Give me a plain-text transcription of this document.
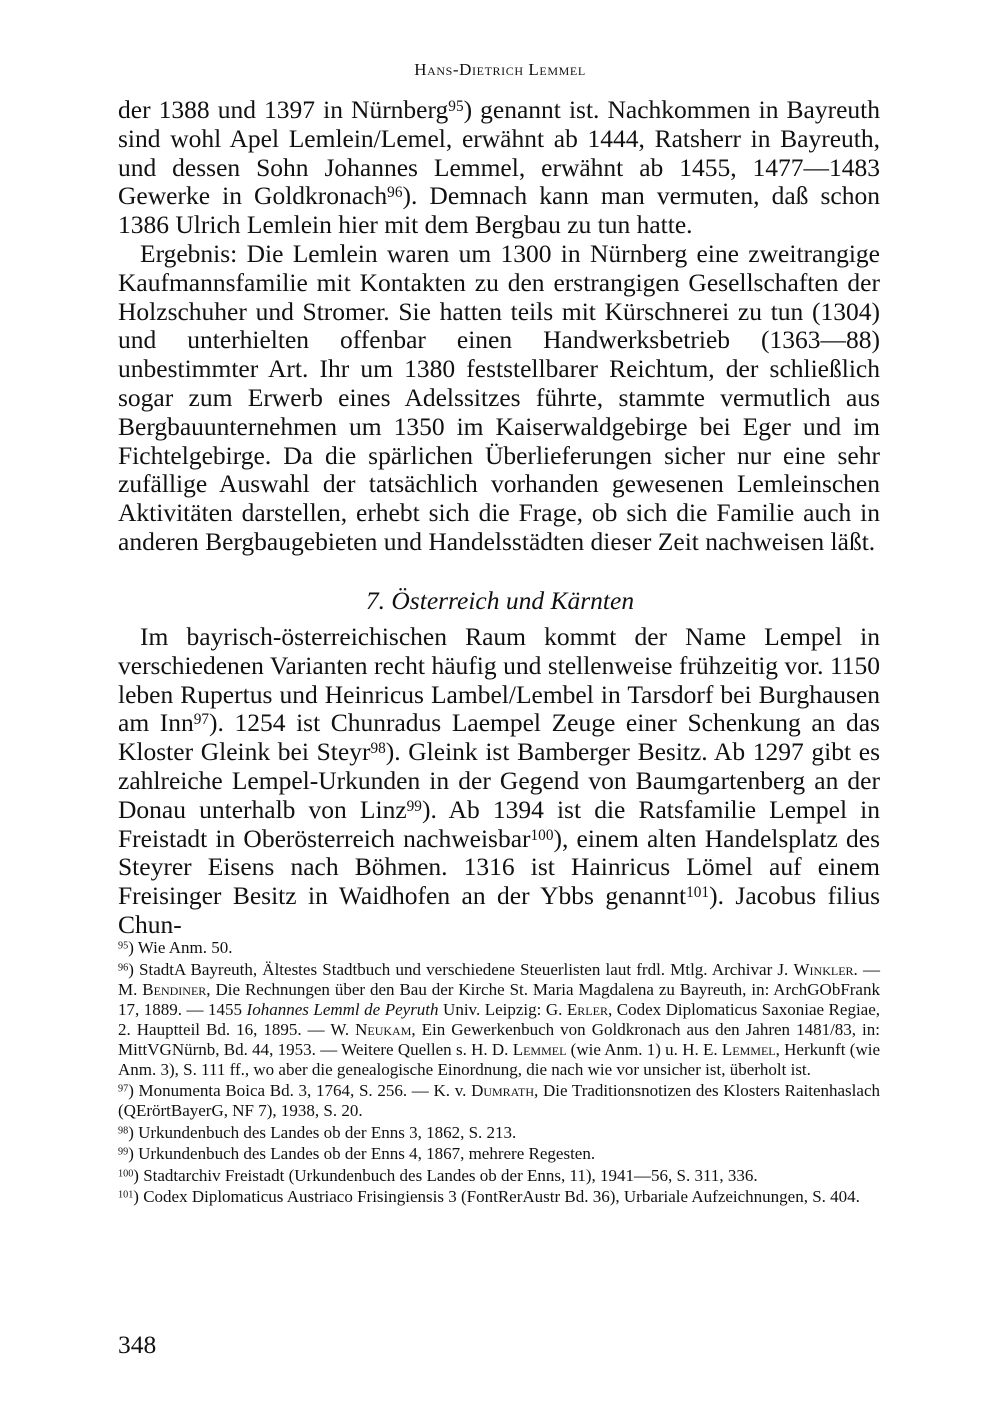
Hans-Dietrich Lemmel

der 1388 und 1397 in Nürnberg$^{95}$) genannt ist. Nachkommen in Bayreuth sind wohl Apel Lemlein/Lemel, erwähnt ab 1444, Ratsherr in Bayreuth, und dessen Sohn Johannes Lemmel, erwähnt ab 1455, 1477—1483 Gewerke in Goldkronach$^{96}$). Demnach kann man vermuten, daß schon 1386 Ulrich Lemlein hier mit dem Bergbau zu tun hatte.

Ergebnis: Die Lemlein waren um 1300 in Nürnberg eine zweitrangige Kaufmannsfamilie mit Kontakten zu den erstrangigen Gesellschaften der Holzschuher und Stromer. Sie hatten teils mit Kürschnerei zu tun (1304) und unterhielten offenbar einen Handwerksbetrieb (1363—88) unbestimmter Art. Ihr um 1380 feststellbarer Reichtum, der schließlich sogar zum Erwerb eines Adelssitzes führte, stammte vermutlich aus Bergbauunternehmen um 1350 im Kaiserwaldgebirge bei Eger und im Fichtelgebirge. Da die spärlichen Überlieferungen sicher nur eine sehr zufällige Auswahl der tatsächlich vorhanden gewesenen Lemleinschen Aktivitäten darstellen, erhebt sich die Frage, ob sich die Familie auch in anderen Bergbaugebieten und Handelsstädten dieser Zeit nachweisen läßt.

7. Österreich und Kärnten

Im bayrisch-österreichischen Raum kommt der Name Lempel in verschiedenen Varianten recht häufig und stellenweise frühzeitig vor. 1150 leben Rupertus und Heinricus Lambel/Lembel in Tarsdorf bei Burghausen am Inn$^{97}$). 1254 ist Chunradus Laempel Zeuge einer Schenkung an das Kloster Gleink bei Steyr$^{98}$). Gleink ist Bamberger Besitz. Ab 1297 gibt es zahlreiche Lempel-Urkunden in der Gegend von Baumgartenberg an der Donau unterhalb von Linz$^{99}$). Ab 1394 ist die Ratsfamilie Lempel in Freistadt in Oberösterreich nachweisbar$^{100}$), einem alten Handelsplatz des Steyrer Eisens nach Böhmen. 1316 ist Hainricus Lömel auf einem Freisinger Besitz in Waidhofen an der Ybbs genannt$^{101}$). Jacobus filius Chun-

$^{95}$) Wie Anm. 50.

$^{96}$) StadtA Bayreuth, Ältestes Stadtbuch und verschiedene Steuerlisten laut frdl. Mtlg. Archivar J. Winkler. — M. Bendiner, Die Rechnungen über den Bau der Kirche St. Maria Magdalena zu Bayreuth, in: ArchGObFrank 17, 1889. — 1455 Iohannes Lemml de Peyruth Univ. Leipzig: G. Erler, Codex Diplomaticus Saxoniae Regiae, 2. Hauptteil Bd. 16, 1895. — W. Neukam, Ein Gewerkenbuch von Goldkronach aus den Jahren 1481/83, in: MittVGNürnb, Bd. 44, 1953. — Weitere Quellen s. H. D. Lemmel (wie Anm. 1) u. H. E. Lemmel, Herkunft (wie Anm. 3), S. 111 ff., wo aber die genealogische Einordnung, die nach wie vor unsicher ist, überholt ist.

$^{97}$) Monumenta Boica Bd. 3, 1764, S. 256. — K. v. Dumrath, Die Traditionsnotizen des Klosters Raitenhaslach (QErörtBayerG, NF 7), 1938, S. 20.

$^{98}$) Urkundenbuch des Landes ob der Enns 3, 1862, S. 213.

$^{99}$) Urkundenbuch des Landes ob der Enns 4, 1867, mehrere Regesten.

$^{100}$) Stadtarchiv Freistadt (Urkundenbuch des Landes ob der Enns, 11), 1941—56, S. 311, 336.

$^{101}$) Codex Diplomaticus Austriaco Frisingiensis 3 (FontRerAustr Bd. 36), Urbariale Aufzeichnungen, S. 404.

348
